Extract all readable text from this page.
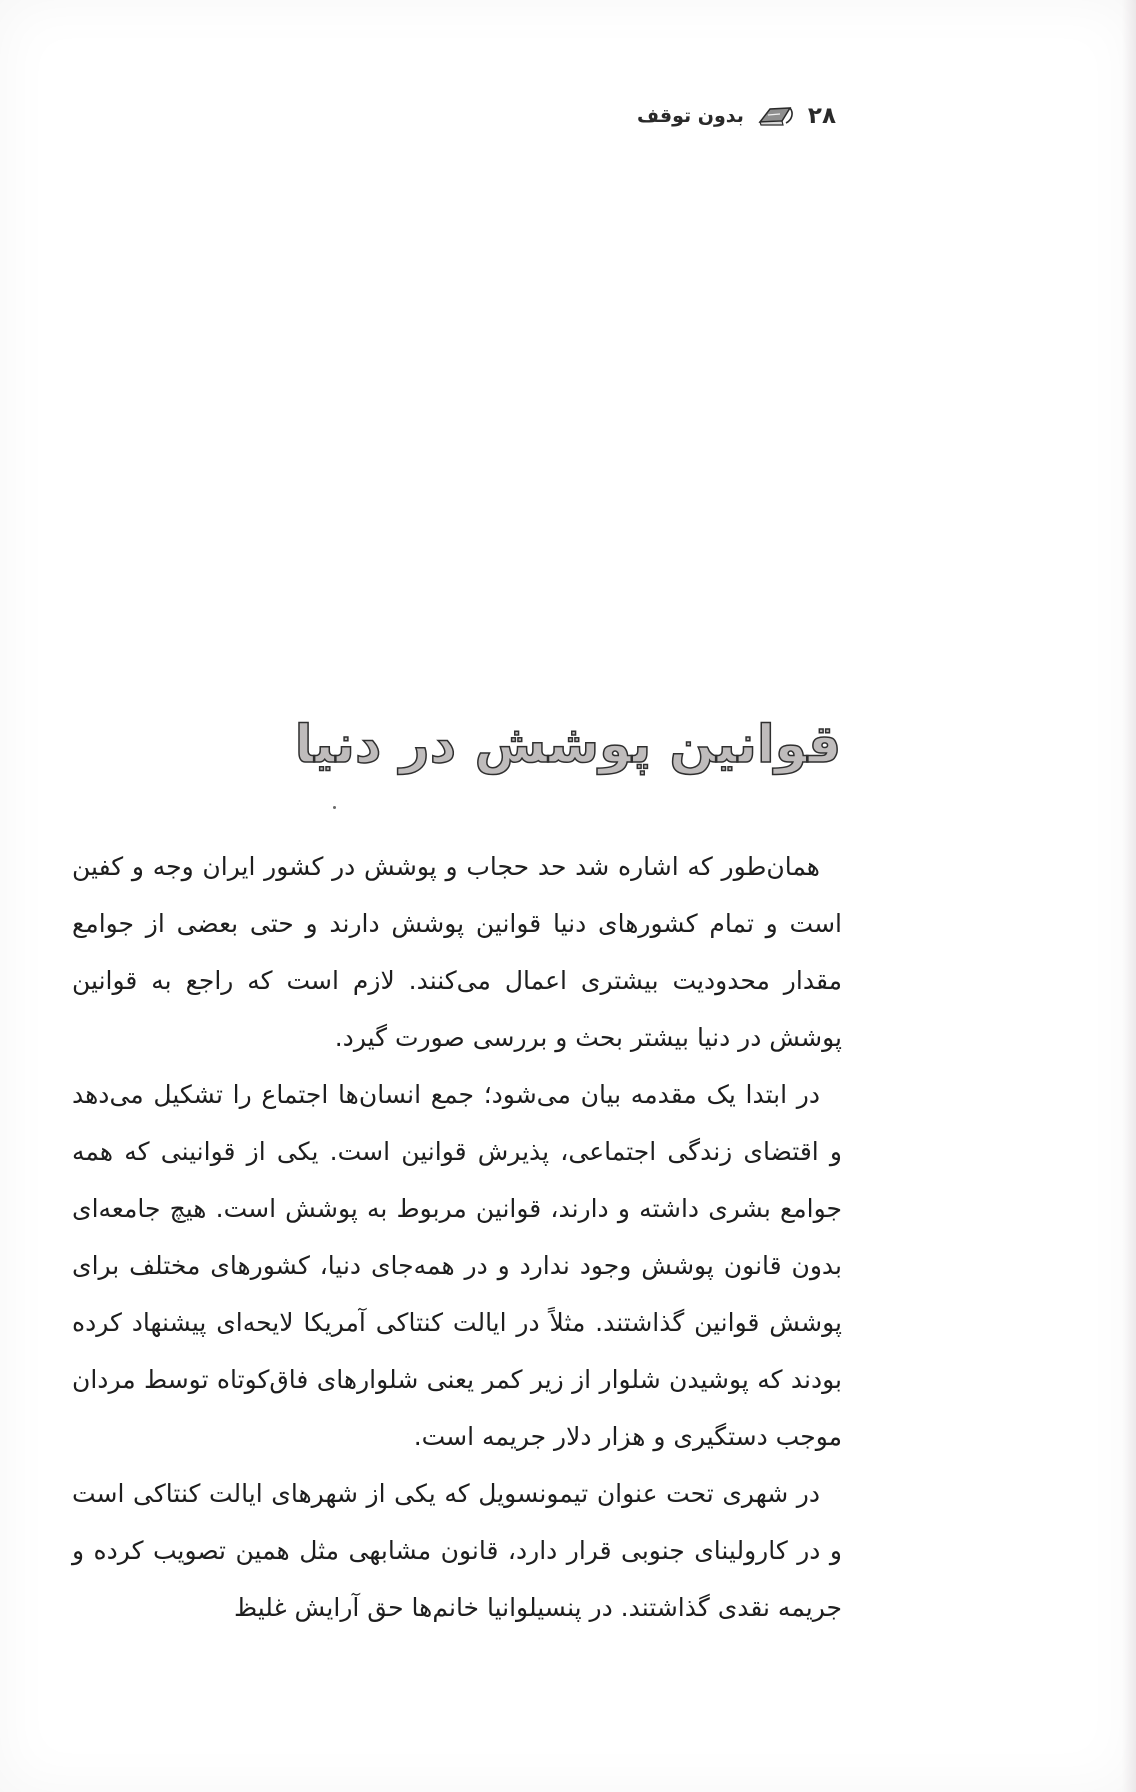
۲۸
بدون توقف
قوانین پوشش در دنیا

همان‌طور که اشاره شد حد حجاب و پوشش در کشور ایران وجه و کفین است و تمام کشورهای دنیا قوانین پوشش دارند و حتی بعضی از جوامع مقدار محدودیت بیشتری اعمال می‌کنند. لازم است که راجع به قوانین پوشش در دنیا بیشتر بحث و بررسی صورت گیرد.

در ابتدا یک مقدمه بیان می‌شود؛ جمع انسان‌ها اجتماع را تشکیل می‌دهد و اقتضای زندگی اجتماعی، پذیرش قوانین است. یکی از قوانینی که همه جوامع بشری داشته و دارند، قوانین مربوط به پوشش است. هیچ جامعه‌ای بدون قانون پوشش وجود ندارد و در همه‌جای دنیا، کشورهای مختلف برای پوشش قوانین گذاشتند. مثلاً در ایالت کنتاکی آمریکا لایحه‌ای پیشنهاد کرده بودند که پوشیدن شلوار از زیر کمر یعنی شلوارهای فاق‌کوتاه توسط مردان موجب دستگیری و هزار دلار جریمه است.

در شهری تحت عنوان تیمونسویل که یکی از شهرهای ایالت کنتاکی است و در کارولینای جنوبی قرار دارد، قانون مشابهی مثل همین تصویب کرده و جریمه نقدی گذاشتند. در پنسیلوانیا خانم‌ها حق آرایش غلیظ
